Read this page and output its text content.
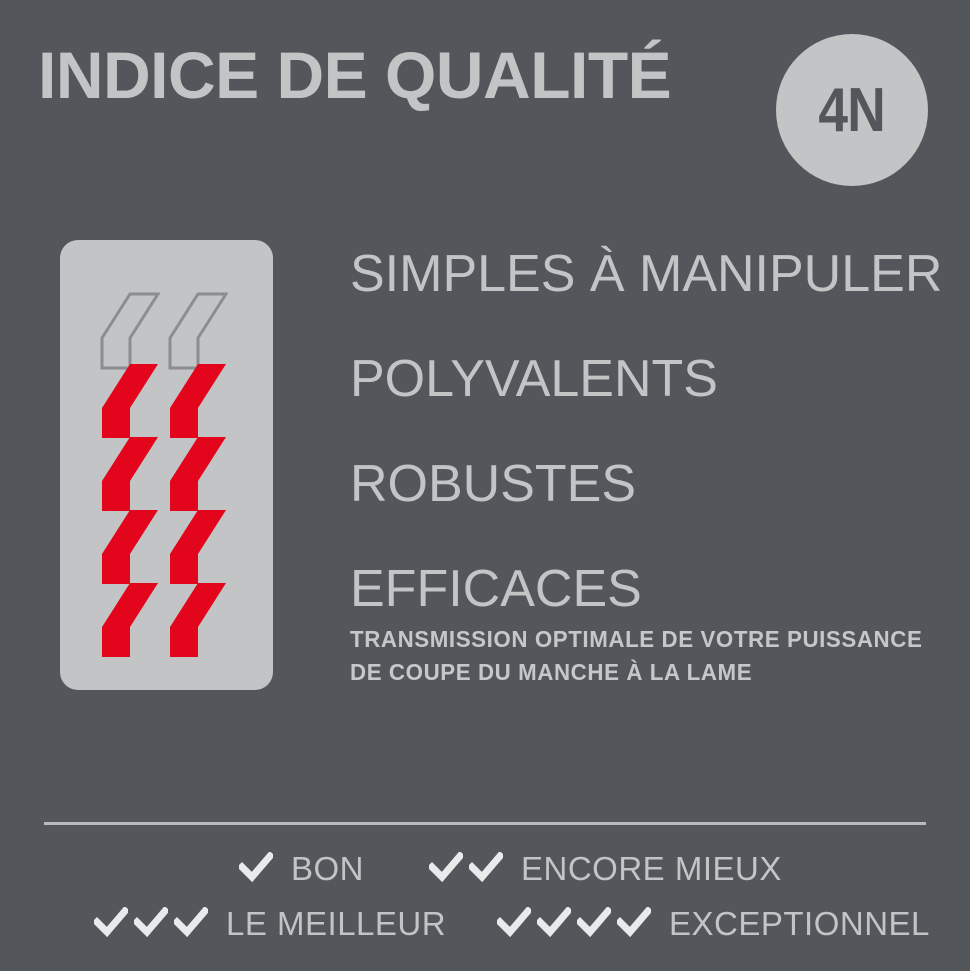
INDICE DE QUALITÉ 4N
SIMPLES À MANIPULER
POLYVALENTS
ROBUSTES
EFFICACES
TRANSMISSION OPTIMALE DE VOTRE PUISSANCE
DE COUPE DU MANCHE À LA LAME
BON	ENCORE MIEUX
LE MEILLEUR	EXCEPTIONNEL
